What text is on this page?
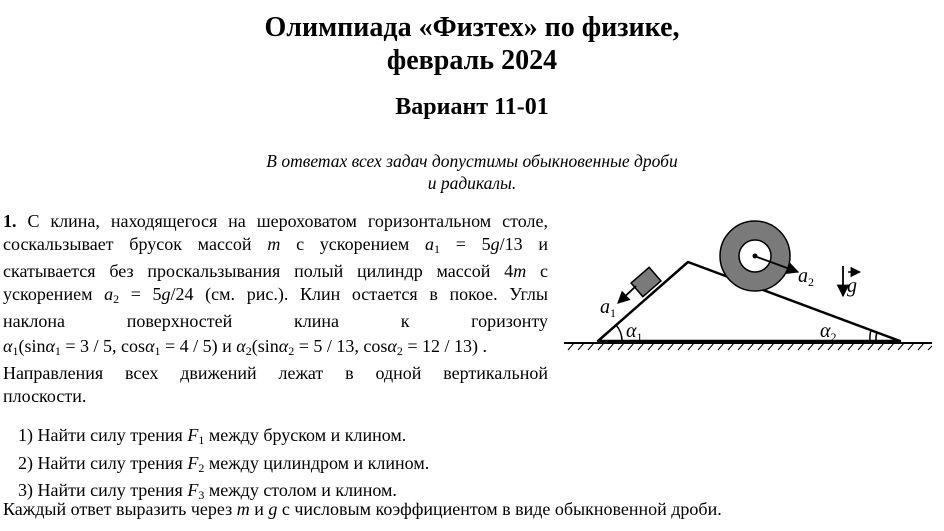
Олимпиада «Физтех» по физике,
февраль 2024
Вариант 11-01
В ответах всех задач допустимы обыкновенные дроби
и радикалы.
1. С клина, находящегося на шероховатом горизонтальном столе,
соскальзывает брусок массой m с ускорением $a_1 = 5g/13$ и
скатывается без проскальзывания полый цилиндр массой 4m с
ускорением $a_2 = 5g/24$ (см. рис.). Клин остается в покое. Углы
наклона	поверхностей	клина	к	горизонту
$\alpha_1(\sin\alpha_1 = 3 / 5$, cosα$_1$ = 4 / 5) и $\alpha_2(\sin\alpha_2 = 5 / 13$, cosα$_2$ = 12 / 13) .
Направления всех движений лежат в одной вертикальной
плоскости.
1) Найти силу трения $F_1$ между бруском и клином.
2) Найти силу трения $F_2$ между цилиндром и клином.
3) Найти силу трения $F_3$ между столом и клином.
Каждый ответ выразить через m и g с числовым коэффициентом в виде обыкновенной дроби.
$a_1$
$a_2$ g
$\alpha_1$	$\alpha_2$
